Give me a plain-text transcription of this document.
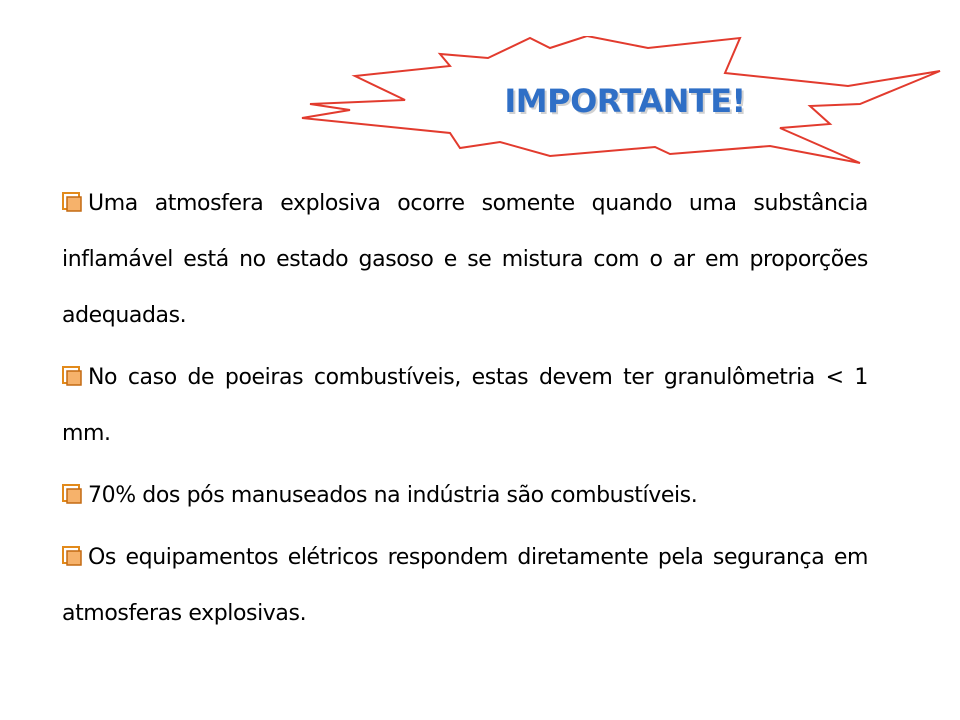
IMPORTANTE!

Uma atmosfera explosiva ocorre somente quando uma substância inflamável está no estado gasoso e se mistura com o ar em proporções adequadas.

No caso de poeiras combustíveis, estas devem ter granulômetria < 1 mm.

70% dos pós manuseados na indústria são combustíveis.

Os equipamentos elétricos respondem diretamente pela segurança em atmosferas explosivas.
